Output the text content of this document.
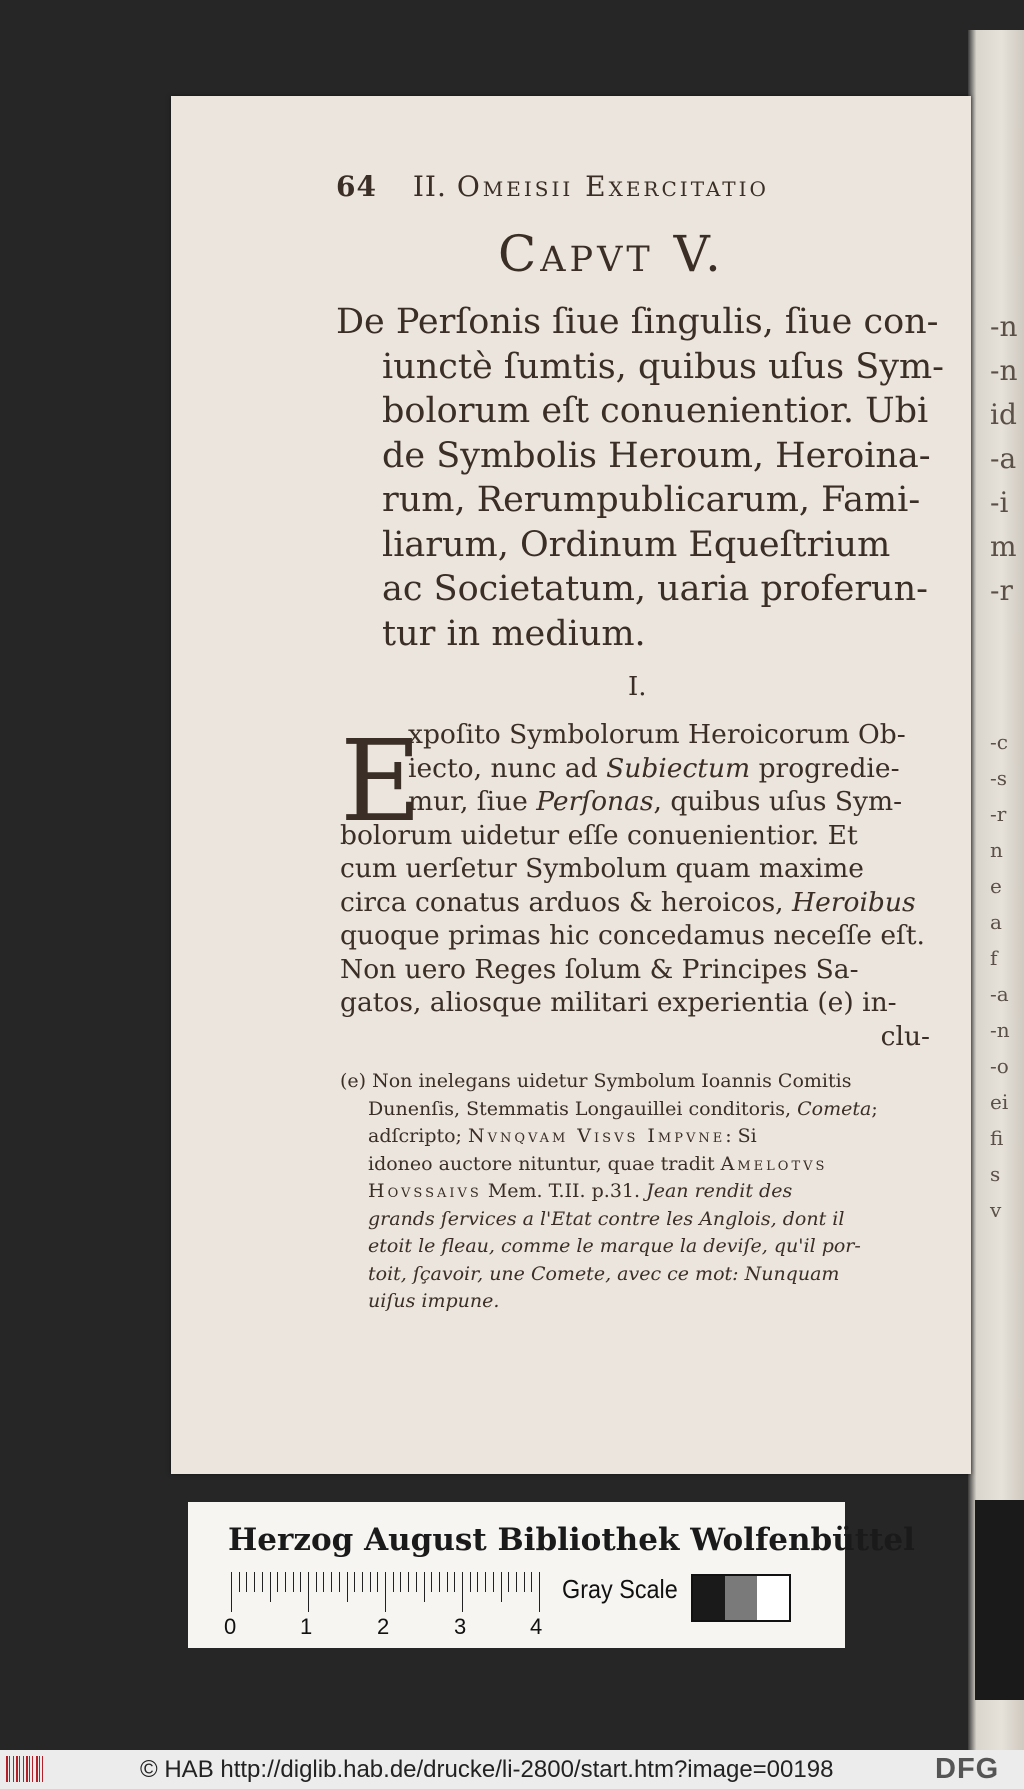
-n
-n
id
-a
-i
m
-r
-c
-s
-r
n
e
a
f
-a
-n
-o
ei
fi
s
v
64 II. Omeisii Exercitatio
Capvt V.
De Perſonis ſiue ſingulis, ſiue con-
iunctè ſumtis, quibus uſus Sym-
bolorum eſt conuenientior. Ubi
de Symbolis Heroum, Heroina-
rum, Rerumpublicarum, Fami-
liarum, Ordinum Equeſtrium
ac Societatum, uaria proferun-
tur in medium.
I.
E
xpoſito Symbolorum Heroicorum Ob-
iecto, nunc ad Subiectum progredie-
mur, ſiue Perſonas, quibus uſus Sym-
bolorum uidetur eſſe conuenientior. Et
cum uerſetur Symbolum quam maxime
circa conatus arduos & heroicos, Heroibus
quoque primas hic concedamus neceſſe eſt.
Non uero Reges ſolum & Principes Sa-
gatos, aliosque militari experientia (e) in-
clu-
(e) Non inelegans uidetur Symbolum Ioannis Comitis
Dunenſis, Stemmatis Longauillei conditoris, Cometa;
adſcripto; Nvnqvam Visvs Impvne: Si
idoneo auctore nituntur, quae tradit Amelotvs
Hovssaivs Mem. T.II. p.31. Jean rendit des
grands ſervices a l'Etat contre les Anglois, dont il
etoit le fleau, comme le marque la deviſe, qu'il por-
toit, ſçavoir, une Comete, avec ce mot: Nunquam
uiſus impune.
Herzog August Bibliothek Wolfenbüttel
0	1	2	3	4
Gray Scale
© HAB http://diglib.hab.de/drucke/li-2800/start.htm?image=00198	DFG
